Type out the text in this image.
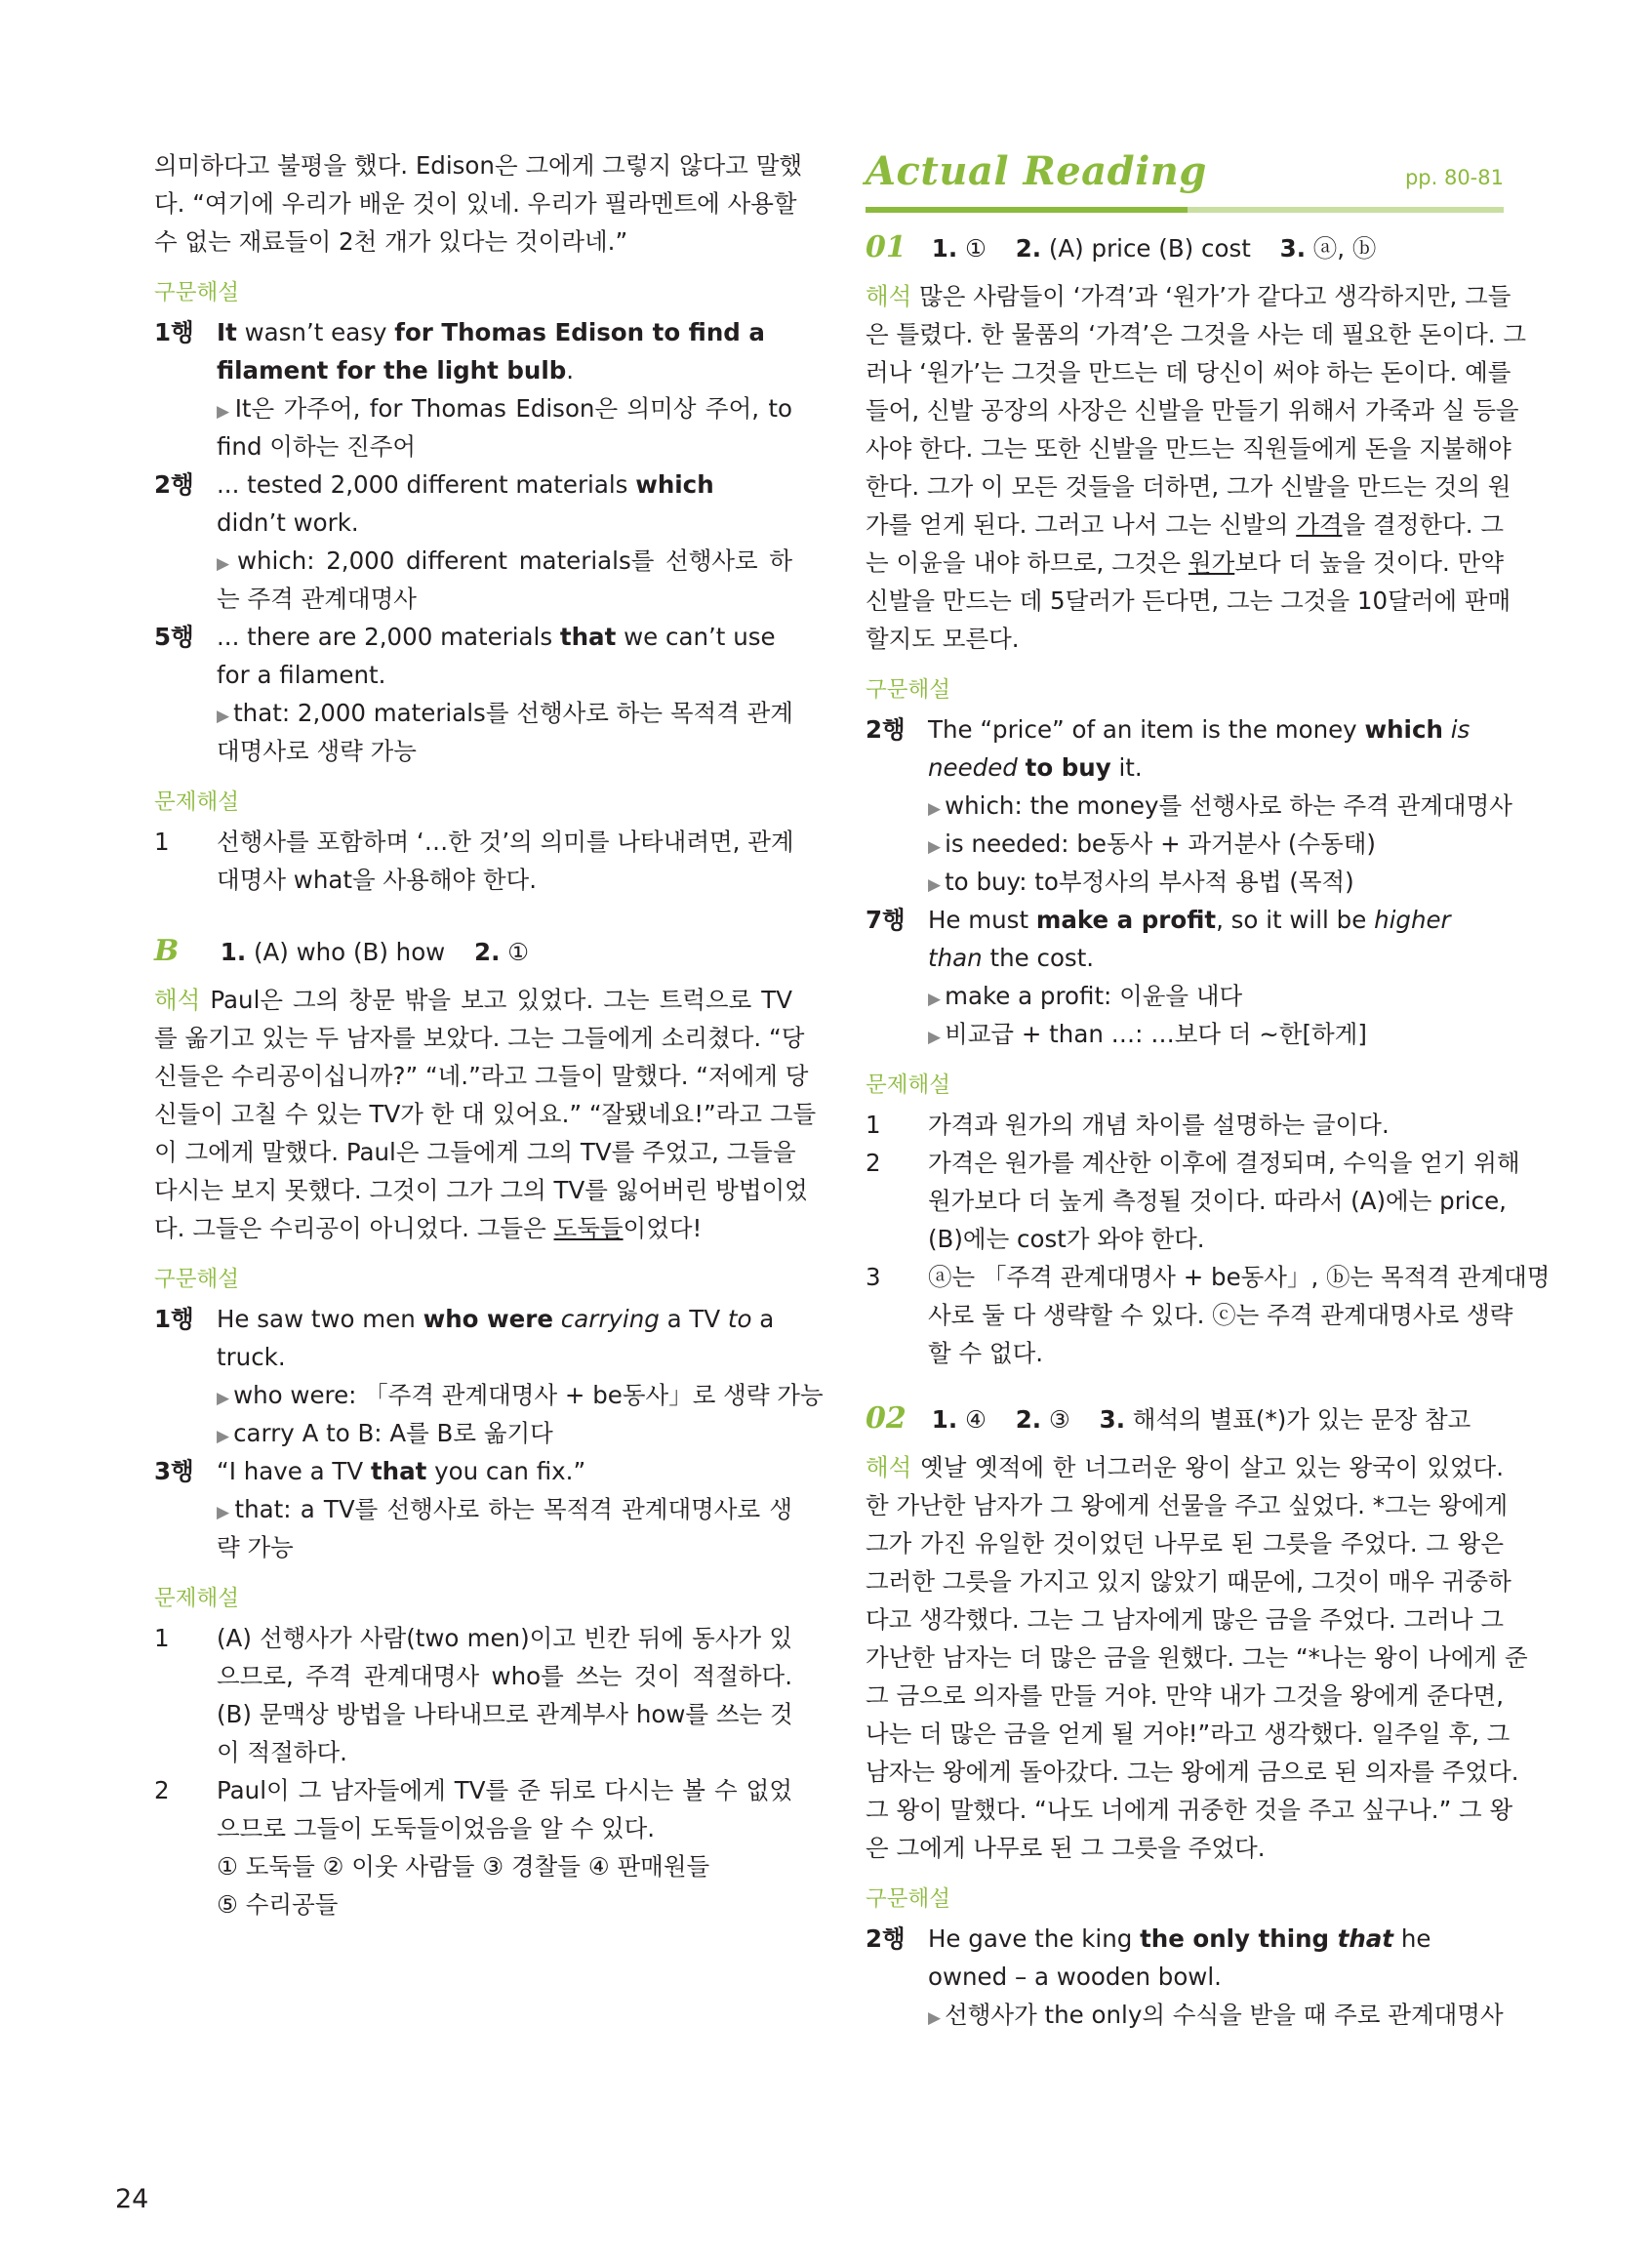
의미하다고 불평을 했다. Edison은 그에게 그렇지 않다고 말했
다. “여기에 우리가 배운 것이 있네. 우리가 필라멘트에 사용할
수 없는 재료들이 2천 개가 있다는 것이라네.”
구문해설
1행 It wasn’t easy for Thomas Edison to find a
filament for the light bulb.
▶ It은 가주어, for Thomas Edison은 의미상 주어, to
find 이하는 진주어
2행 ... tested 2,000 different materials which
didn’t work.
▶ which: 2,000 different materials를 선행사로 하
는 주격 관계대명사
5행 ... there are 2,000 materials that we can’t use
for a filament.
▶ that: 2,000 materials를 선행사로 하는 목적격 관계
대명사로 생략 가능
문제해설
1 선행사를 포함하며 ‘…한 것’의 의미를 나타내려면, 관계
대명사 what을 사용해야 한다.
B 1. (A) who (B) how 2. ①
해석 Paul은 그의 창문 밖을 보고 있었다. 그는 트럭으로 TV
를 옮기고 있는 두 남자를 보았다. 그는 그들에게 소리쳤다. “당
신들은 수리공이십니까?” “네.”라고 그들이 말했다. “저에게 당
신들이 고칠 수 있는 TV가 한 대 있어요.” “잘됐네요!”라고 그들
이 그에게 말했다. Paul은 그들에게 그의 TV를 주었고, 그들을
다시는 보지 못했다. 그것이 그가 그의 TV를 잃어버린 방법이었
다. 그들은 수리공이 아니었다. 그들은 도둑들이었다!
구문해설
1행 He saw two men who were carrying a TV to a
truck.
▶ who were: 「주격 관계대명사 + be동사」로 생략 가능
▶ carry A to B: A를 B로 옮기다
3행 “I have a TV that you can fix.”
▶ that: a TV를 선행사로 하는 목적격 관계대명사로 생
략 가능
문제해설
1 (A) 선행사가 사람(two men)이고 빈칸 뒤에 동사가 있
으므로, 주격 관계대명사 who를 쓰는 것이 적절하다.
(B) 문맥상 방법을 나타내므로 관계부사 how를 쓰는 것
이 적절하다.
2 Paul이 그 남자들에게 TV를 준 뒤로 다시는 볼 수 없었
으므로 그들이 도둑들이었음을 알 수 있다.
① 도둑들 ② 이웃 사람들 ③ 경찰들 ④ 판매원들
⑤ 수리공들
Actual Reading	pp. 80-81
01 1. ① 2. (A) price (B) cost 3. ⓐ, ⓑ
해석 많은 사람들이 ‘가격’과 ‘원가’가 같다고 생각하지만, 그들
은 틀렸다. 한 물품의 ‘가격’은 그것을 사는 데 필요한 돈이다. 그
러나 ‘원가’는 그것을 만드는 데 당신이 써야 하는 돈이다. 예를
들어, 신발 공장의 사장은 신발을 만들기 위해서 가죽과 실 등을
사야 한다. 그는 또한 신발을 만드는 직원들에게 돈을 지불해야
한다. 그가 이 모든 것들을 더하면, 그가 신발을 만드는 것의 원
가를 얻게 된다. 그러고 나서 그는 신발의 가격을 결정한다. 그
는 이윤을 내야 하므로, 그것은 원가보다 더 높을 것이다. 만약
신발을 만드는 데 5달러가 든다면, 그는 그것을 10달러에 판매
할지도 모른다.
구문해설
2행 The “price” of an item is the money which is
needed to buy it.
▶ which: the money를 선행사로 하는 주격 관계대명사
▶ is needed: be동사 + 과거분사 (수동태)
▶ to buy: to부정사의 부사적 용법 (목적)
7행 He must make a profit, so it will be higher
than the cost.
▶ make a profit: 이윤을 내다
▶ 비교급 + than …: …보다 더 ~한[하게]
문제해설
1 가격과 원가의 개념 차이를 설명하는 글이다.
2 가격은 원가를 계산한 이후에 결정되며, 수익을 얻기 위해
원가보다 더 높게 측정될 것이다. 따라서 (A)에는 price,
(B)에는 cost가 와야 한다.
3 ⓐ는 「주격 관계대명사 + be동사」, ⓑ는 목적격 관계대명
사로 둘 다 생략할 수 있다. ⓒ는 주격 관계대명사로 생략
할 수 없다.
02 1. ④ 2. ③ 3. 해석의 별표(*)가 있는 문장 참고
해석 옛날 옛적에 한 너그러운 왕이 살고 있는 왕국이 있었다.
한 가난한 남자가 그 왕에게 선물을 주고 싶었다. *그는 왕에게
그가 가진 유일한 것이었던 나무로 된 그릇을 주었다. 그 왕은
그러한 그릇을 가지고 있지 않았기 때문에, 그것이 매우 귀중하
다고 생각했다. 그는 그 남자에게 많은 금을 주었다. 그러나 그
가난한 남자는 더 많은 금을 원했다. 그는 “*나는 왕이 나에게 준
그 금으로 의자를 만들 거야. 만약 내가 그것을 왕에게 준다면,
나는 더 많은 금을 얻게 될 거야!”라고 생각했다. 일주일 후, 그
남자는 왕에게 돌아갔다. 그는 왕에게 금으로 된 의자를 주었다.
그 왕이 말했다. “나도 너에게 귀중한 것을 주고 싶구나.” 그 왕
은 그에게 나무로 된 그 그릇을 주었다.
구문해설
2행 He gave the king the only thing that he
owned – a wooden bowl.
▶ 선행사가 the only의 수식을 받을 때 주로 관계대명사
24
